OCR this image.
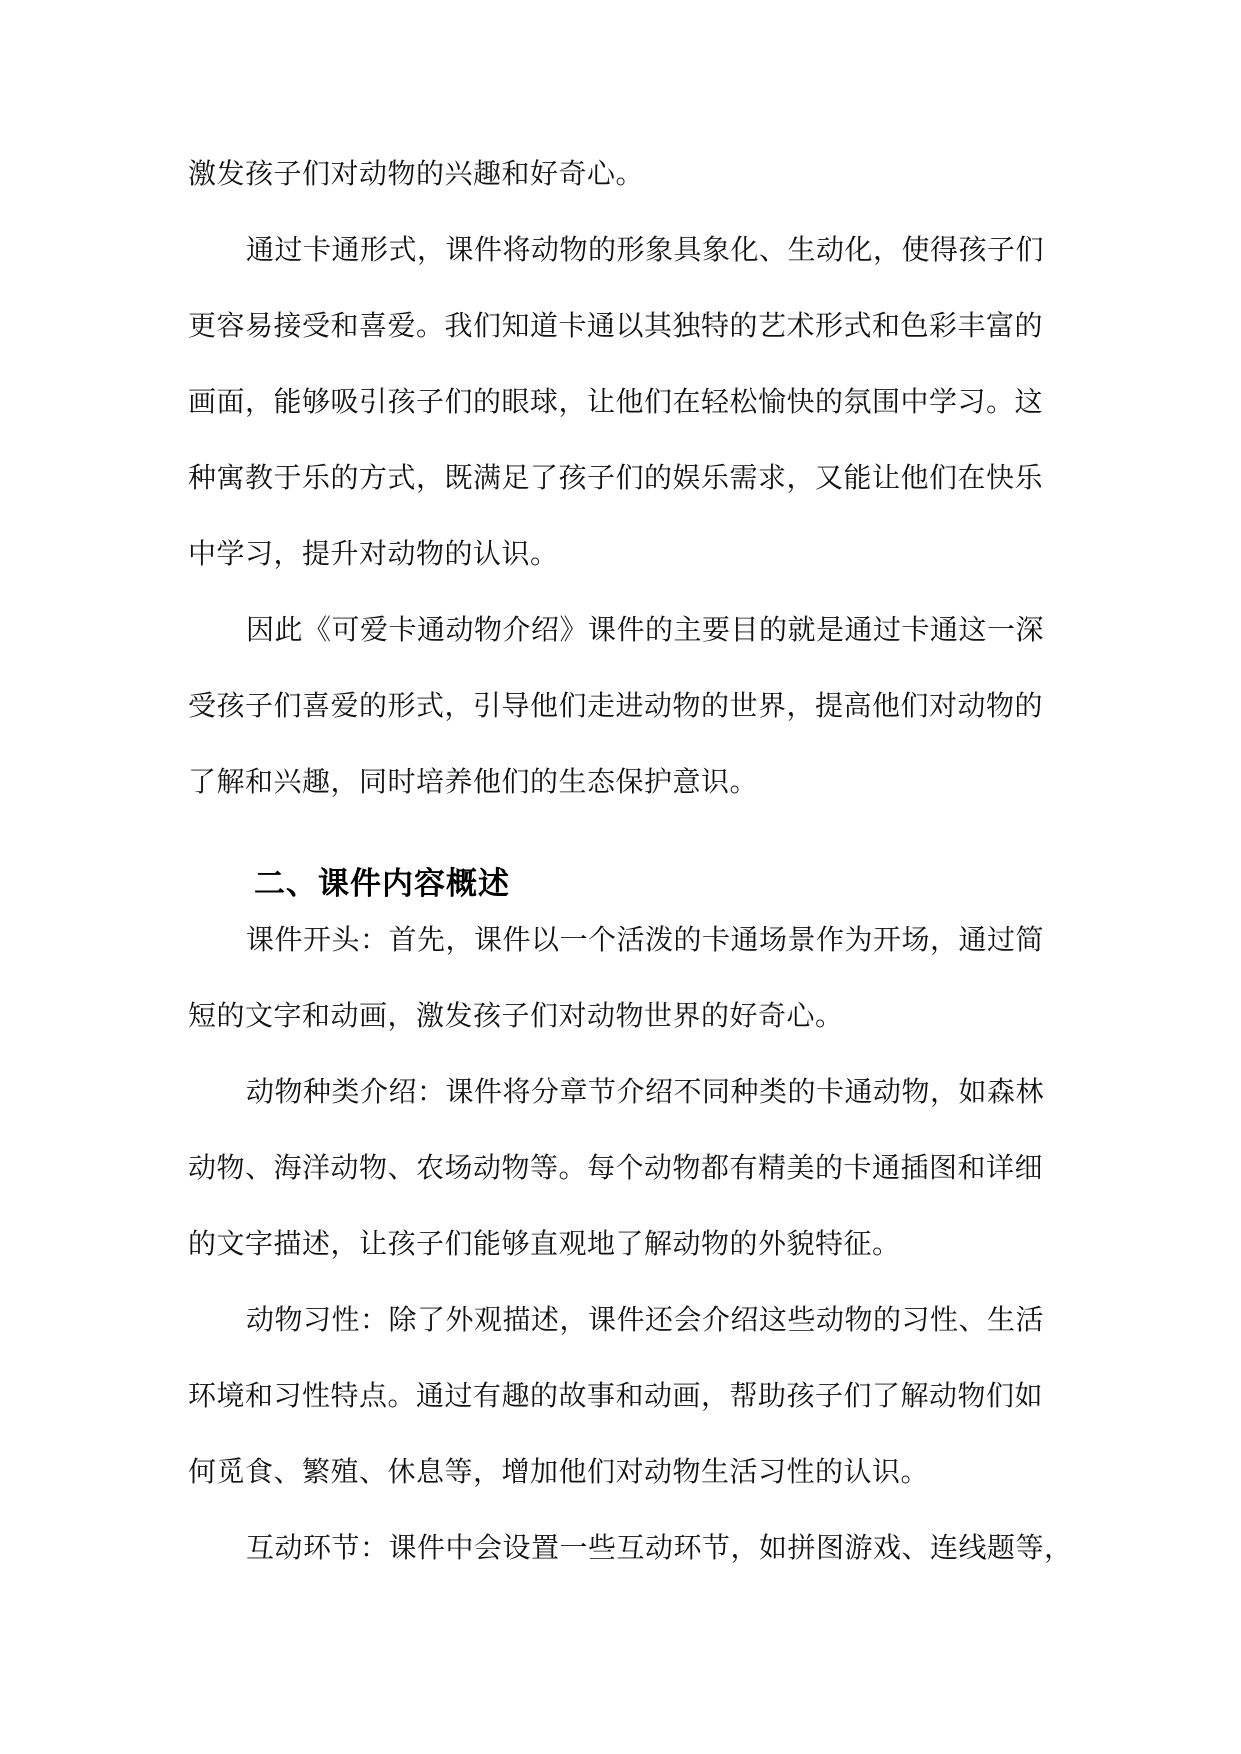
激发孩子们对动物的兴趣和好奇心。
通过卡通形式，课件将动物的形象具象化、生动化，使得孩子们
更容易接受和喜爱。我们知道卡通以其独特的艺术形式和色彩丰富的
画面，能够吸引孩子们的眼球，让他们在轻松愉快的氛围中学习。这
种寓教于乐的方式，既满足了孩子们的娱乐需求，又能让他们在快乐
中学习，提升对动物的认识。
因此《可爱卡通动物介绍》课件的主要目的就是通过卡通这一深
受孩子们喜爱的形式，引导他们走进动物的世界，提高他们对动物的
了解和兴趣，同时培养他们的生态保护意识。
二、课件内容概述
课件开头：首先，课件以一个活泼的卡通场景作为开场，通过简
短的文字和动画，激发孩子们对动物世界的好奇心。
动物种类介绍：课件将分章节介绍不同种类的卡通动物，如森林
动物、海洋动物、农场动物等。每个动物都有精美的卡通插图和详细
的文字描述，让孩子们能够直观地了解动物的外貌特征。
动物习性：除了外观描述，课件还会介绍这些动物的习性、生活
环境和习性特点。通过有趣的故事和动画，帮助孩子们了解动物们如
何觅食、繁殖、休息等，增加他们对动物生活习性的认识。
互动环节：课件中会设置一些互动环节，如拼图游戏、连线题等，
